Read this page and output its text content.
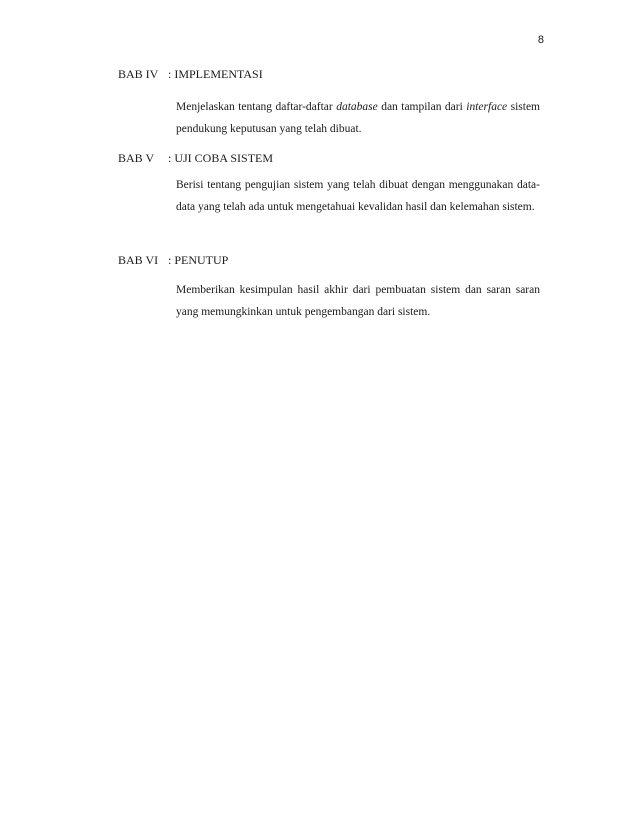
8
BAB IV : IMPLEMENTASI

Menjelaskan tentang daftar-daftar database dan tampilan dari interface sistem pendukung keputusan yang telah dibuat.

BAB V : UJI COBA SISTEM

Berisi tentang pengujian sistem yang telah dibuat dengan menggunakan data-data yang telah ada untuk mengetahuai kevalidan hasil dan kelemahan sistem.

BAB VI : PENUTUP

Memberikan kesimpulan hasil akhir dari pembuatan sistem dan saran saran yang memungkinkan untuk pengembangan dari sistem.
